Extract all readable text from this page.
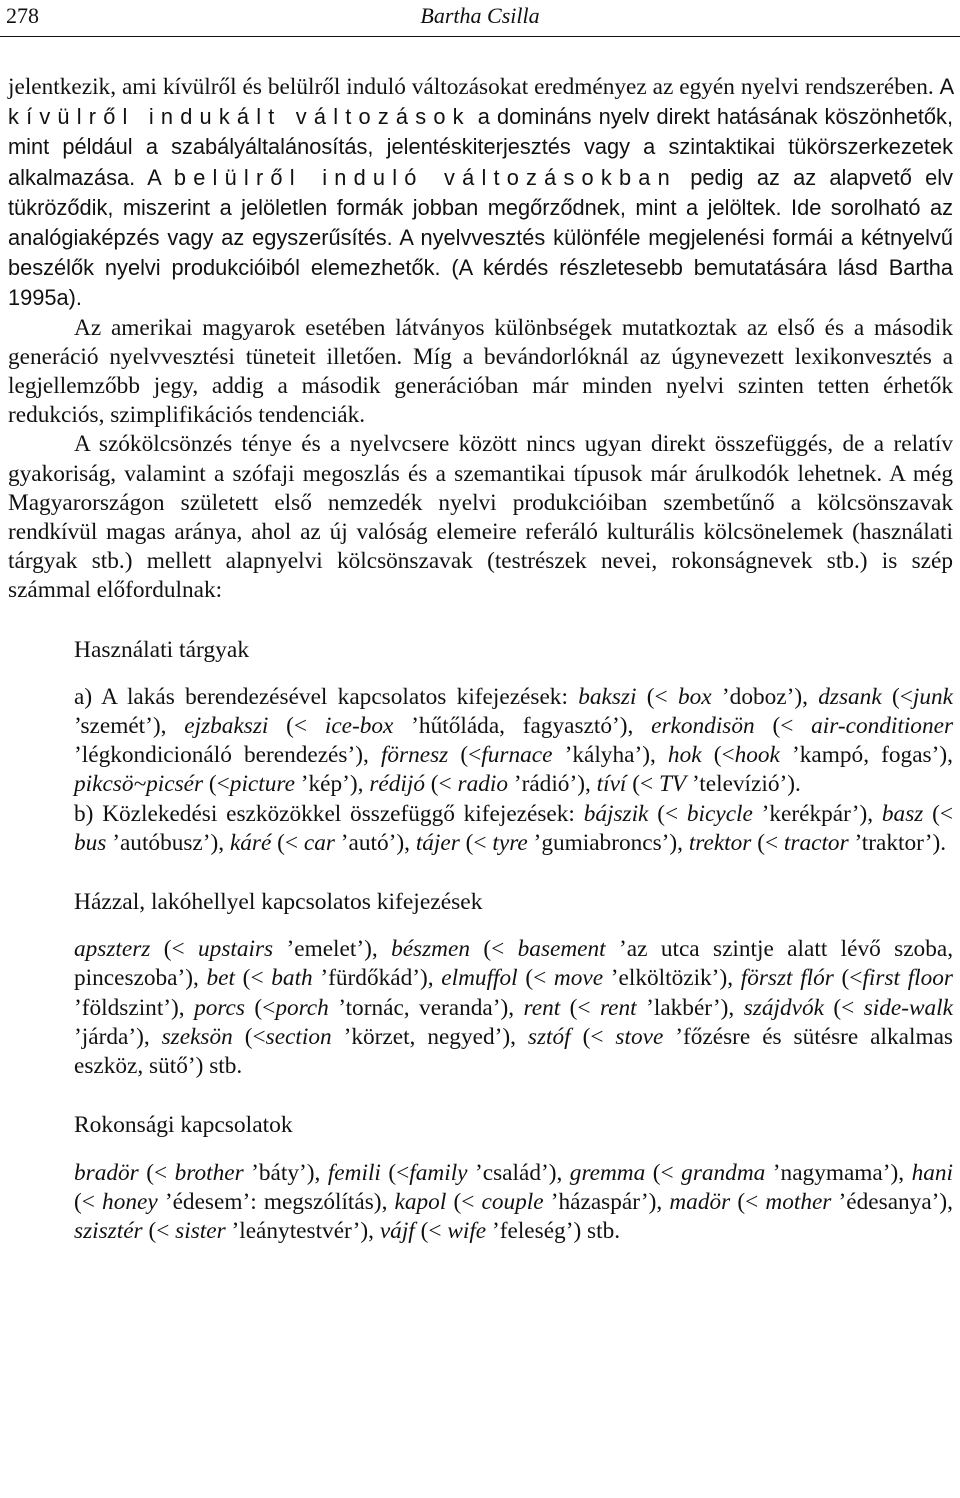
278	Bartha Csilla

jelentkezik, ami kívülről és belülről induló változásokat eredményez az egyén nyelvi rendszerében. A kívülről indukált változások a domináns nyelv direkt hatásának köszönhetők, mint például a szabályáltalánosítás, jelentéskiterjesztés vagy a szintaktikai tükörszerkezetek alkalmazása. A belülről induló változásokban pedig az az alapvető elv tükröződik, miszerint a jelöletlen formák jobban megőrződnek, mint a jelöltek. Ide sorolható az analógiaképzés vagy az egyszerűsítés. A nyelvvesztés különféle megjelenési formái a kétnyelvű beszélők nyelvi produkcióiból elemezhetők. (A kérdés részletesebb bemutatására lásd Bartha 1995a).

Az amerikai magyarok esetében látványos különbségek mutatkoztak az első és a második generáció nyelvvesztési tüneteit illetően. Míg a bevándorlóknál az úgynevezett lexikonvesztés a legjellemzőbb jegy, addig a második generációban már minden nyelvi szinten tetten érhetők redukciós, szimplifikációs tendenciák.

A szókölcsönzés ténye és a nyelvcsere között nincs ugyan direkt összefüggés, de a relatív gyakoriság, valamint a szófaji megoszlás és a szemantikai típusok már árulkodók lehetnek. A még Magyarországon született első nemzedék nyelvi produkcióiban szembetűnő a kölcsönszavak rendkívül magas aránya, ahol az új valóság elemeire referáló kulturális kölcsönelemek (használati tárgyak stb.) mellett alapnyelvi kölcsönszavak (testrészek nevei, rokonságnevek stb.) is szép számmal előfordulnak:

Használati tárgyak

a) A lakás berendezésével kapcsolatos kifejezések: bakszi (< box ’doboz’), dzsank (<junk ’szemét’), ejzbakszi (< ice-box ’hűtőláda, fagyasztó’), erkondisön (< air-conditioner ’légkondicionáló berendezés’), förnesz (<furnace ’kályha’), hok (<hook ’kampó, fogas’), pikcsö~picsér (<picture ’kép’), rédijó (< radio ’rádió’), tíví (< TV ’televízió’).

b) Közlekedési eszközökkel összefüggő kifejezések: bájszik (< bicycle ’kerékpár’), basz (< bus ’autóbusz’), káré (< car ’autó’), tájer (< tyre ’gumiabroncs’), trektor (< tractor ’traktor’).

Házzal, lakóhellyel kapcsolatos kifejezések

apszterz (< upstairs ’emelet’), bészmen (< basement ’az utca szintje alatt lévő szoba, pinceszoba’), bet (< bath ’fürdőkád’), elmuffol (< move ’elköltözik’), förszt flór (<first floor ’földszint’), porcs (<porch ’tornác, veranda’), rent (< rent ’lakbér’), szájdvók (< side-walk ’járda’), szeksön (<section ’körzet, negyed’), sztóf (< stove ’főzésre és sütésre alkalmas eszköz, sütő’) stb.

Rokonsági kapcsolatok

bradör (< brother ’báty’), femili (<family ’család’), gremma (< grandma ’nagymama’), hani (< honey ’édesem’: megszólítás), kapol (< couple ’házaspár’), madör (< mother ’édesanya’), szisztér (< sister ’leánytestvér’), vájf (< wife ’feleség’) stb.
